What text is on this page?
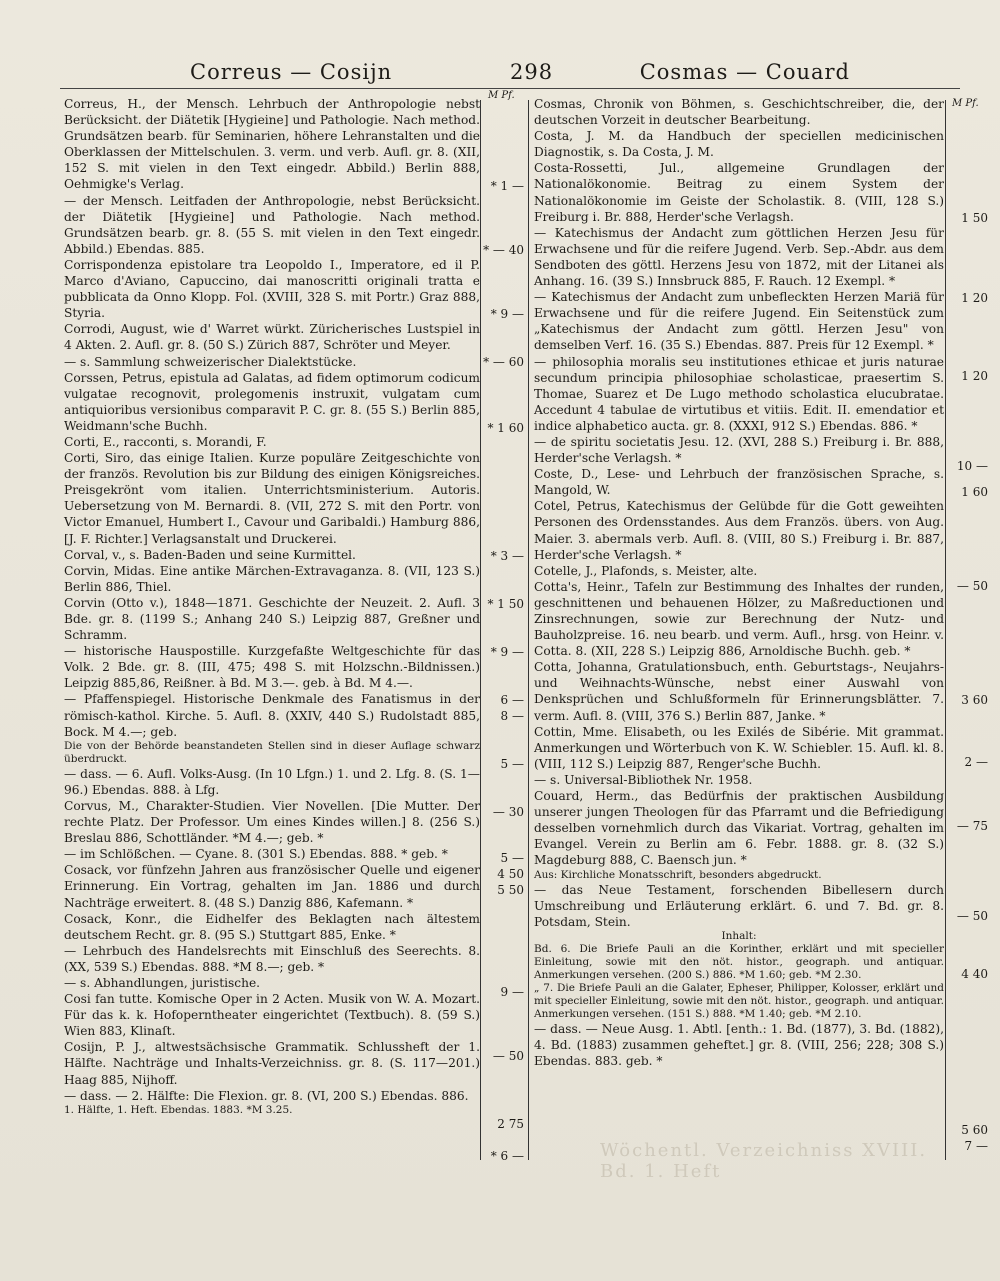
Correus — Cosijn	298	Cosmas — Couard
M Pf.
M Pf.

Correus, H., der Mensch. Lehrbuch der Anthropologie nebst Berücksicht. der Diätetik [Hygieine] und Pathologie. Nach method. Grundsätzen bearb. für Seminarien, höhere Lehranstalten und die Oberklassen der Mittelschulen. 3. verm. und verb. Aufl. gr. 8. (XII, 152 S. mit vielen in den Text eingedr. Abbild.) Berlin 888, Oehmigke's Verlag.

— der Mensch. Leitfaden der Anthropologie, nebst Berücksicht. der Diätetik [Hygieine] und Pathologie. Nach method. Grundsätzen bearb. gr. 8. (55 S. mit vielen in den Text eingedr. Abbild.) Ebendas. 885.

Corrispondenza epistolare tra Leopoldo I., Imperatore, ed il P. Marco d'Aviano, Capuccino, dai manoscritti originali tratta e pubblicata da Onno Klopp. Fol. (XVIII, 328 S. mit Portr.) Graz 888, Styria.

Corrodi, August, wie d' Warret würkt. Züricherisches Lustspiel in 4 Akten. 2. Aufl. gr. 8. (50 S.) Zürich 887, Schröter und Meyer.

— s. Sammlung schweizerischer Dialektstücke.

Corssen, Petrus, epistula ad Galatas, ad fidem optimorum codicum vulgatae recognovit, prolegomenis instruxit, vulgatam cum antiquioribus versionibus comparavit P. C. gr. 8. (55 S.) Berlin 885, Weidmann'sche Buchh.

Corti, E., racconti, s. Morandi, F.

Corti, Siro, das einige Italien. Kurze populäre Zeitgeschichte von der französ. Revolution bis zur Bildung des einigen Königsreiches. Preisgekrönt vom italien. Unterrichtsministerium. Autoris. Uebersetzung von M. Bernardi. 8. (VII, 272 S. mit den Portr. von Victor Emanuel, Humbert I., Cavour und Garibaldi.) Hamburg 886, [J. F. Richter.] Verlagsanstalt und Druckerei.

Corval, v., s. Baden-Baden und seine Kurmittel.

Corvin, Midas. Eine antike Märchen-Extravaganza. 8. (VII, 123 S.) Berlin 886, Thiel.

Corvin (Otto v.), 1848—1871. Geschichte der Neuzeit. 2. Aufl. 3 Bde. gr. 8. (1199 S.; Anhang 240 S.) Leipzig 887, Greßner und Schramm.

— historische Hauspostille. Kurzgefaßte Weltgeschichte für das Volk. 2 Bde. gr. 8. (III, 475; 498 S. mit Holzschn.-Bildnissen.) Leipzig 885,86, Reißner. à Bd. M 3.—. geb. à Bd. M 4.—.

— Pfaffenspiegel. Historische Denkmale des Fanatismus in der römisch-kathol. Kirche. 5. Aufl. 8. (XXIV, 440 S.) Rudolstadt 885, Bock. M 4.—; geb.

Die von der Behörde beanstandeten Stellen sind in dieser Auflage schwarz überdruckt.

— dass. — 6. Aufl. Volks-Ausg. (In 10 Lfgn.) 1. und 2. Lfg. 8. (S. 1—96.) Ebendas. 888. à Lfg.

Corvus, M., Charakter-Studien. Vier Novellen. [Die Mutter. Der rechte Platz. Der Professor. Um eines Kindes willen.] 8. (256 S.) Breslau 886, Schottländer. *M 4.—; geb. *

— im Schlößchen. — Cyane. 8. (301 S.) Ebendas. 888. * geb. *

Cosack, vor fünfzehn Jahren aus französischer Quelle und eigener Erinnerung. Ein Vortrag, gehalten im Jan. 1886 und durch Nachträge erweitert. 8. (48 S.) Danzig 886, Kafemann. *

Cosack, Konr., die Eidhelfer des Beklagten nach ältestem deutschem Recht. gr. 8. (95 S.) Stuttgart 885, Enke. *

— Lehrbuch des Handelsrechts mit Einschluß des Seerechts. 8. (XX, 539 S.) Ebendas. 888. *M 8.—; geb. *

— s. Abhandlungen, juristische.

Cosi fan tutte. Komische Oper in 2 Acten. Musik von W. A. Mozart. Für das k. k. Hofoperntheater eingerichtet (Textbuch). 8. (59 S.) Wien 883, Klinaſt.

Cosijn, P. J., altwestsächsische Grammatik. Schlussheft der 1. Hälfte. Nachträge und Inhalts-Verzeichniss. gr. 8. (S. 117—201.) Haag 885, Nijhoff.

— dass. — 2. Hälfte: Die Flexion. gr. 8. (VI, 200 S.) Ebendas. 886.

1. Hälfte, 1. Heft. Ebendas. 1883. *M 3.25.

* 1 —
* — 40
* 9 —
* — 60
* 1 60
* 3 —
* 1 50
* 9 —
6 —
8 —
5 —
— 30
5 —
4 50
5 50
9 —
— 50
2 75
* 6 —

Cosmas, Chronik von Böhmen, s. Geschichtschreiber, die, der deutschen Vorzeit in deutscher Bearbeitung.

Costa, J. M. da Handbuch der speciellen medicinischen Diagnostik, s. Da Costa, J. M.

Costa-Rossetti, Jul., allgemeine Grundlagen der Nationalökonomie. Beitrag zu einem System der Nationalökonomie im Geiste der Scholastik. 8. (VIII, 128 S.) Freiburg i. Br. 888, Herder'sche Verlagsh.

— Katechismus der Andacht zum göttlichen Herzen Jesu für Erwachsene und für die reifere Jugend. Verb. Sep.-Abdr. aus dem Sendboten des göttl. Herzens Jesu von 1872, mit der Litanei als Anhang. 16. (39 S.) Innsbruck 885, F. Rauch. 12 Exempl. *

— Katechismus der Andacht zum unbefleckten Herzen Mariä für Erwachsene und für die reifere Jugend. Ein Seitenstück zum „Katechismus der Andacht zum göttl. Herzen Jesu" von demselben Verf. 16. (35 S.) Ebendas. 887. Preis für 12 Exempl. *

— philosophia moralis seu institutiones ethicae et juris naturae secundum principia philosophiae scholasticae, praesertim S. Thomae, Suarez et De Lugo methodo scholastica elucubratae. Accedunt 4 tabulae de virtutibus et vitiis. Edit. II. emendatior et indice alphabetico aucta. gr. 8. (XXXI, 912 S.) Ebendas. 886. *

— de spiritu societatis Jesu. 12. (XVI, 288 S.) Freiburg i. Br. 888, Herder'sche Verlagsh. *

Coste, D., Lese- und Lehrbuch der französischen Sprache, s. Mangold, W.

Cotel, Petrus, Katechismus der Gelübde für die Gott geweihten Personen des Ordensstandes. Aus dem Französ. übers. von Aug. Maier. 3. abermals verb. Aufl. 8. (VIII, 80 S.) Freiburg i. Br. 887, Herder'sche Verlagsh. *

Cotelle, J., Plafonds, s. Meister, alte.

Cotta's, Heinr., Tafeln zur Bestimmung des Inhaltes der runden, geschnittenen und behauenen Hölzer, zu Maßreductionen und Zinsrechnungen, sowie zur Berechnung der Nutz- und Bauholzpreise. 16. neu bearb. und verm. Aufl., hrsg. von Heinr. v. Cotta. 8. (XII, 228 S.) Leipzig 886, Arnoldische Buchh. geb. *

Cotta, Johanna, Gratulationsbuch, enth. Geburtstags-, Neujahrs- und Weihnachts-Wünsche, nebst einer Auswahl von Denksprüchen und Schlußformeln für Erinnerungsblätter. 7. verm. Aufl. 8. (VIII, 376 S.) Berlin 887, Janke. *

Cottin, Mme. Elisabeth, ou les Exilés de Sibérie. Mit grammat. Anmerkungen und Wörterbuch von K. W. Schiebler. 15. Aufl. kl. 8. (VIII, 112 S.) Leipzig 887, Renger'sche Buchh.

— s. Universal-Bibliothek Nr. 1958.

Couard, Herm., das Bedürfnis der praktischen Ausbildung unserer jungen Theologen für das Pfarramt und die Befriedigung desselben vornehmlich durch das Vikariat. Vortrag, gehalten im Evangel. Verein zu Berlin am 6. Febr. 1888. gr. 8. (32 S.) Magdeburg 888, C. Baensch jun. *

Aus: Kirchliche Monatsschrift, besonders abgedruckt.

— das Neue Testament, forschenden Bibellesern durch Umschreibung und Erläuterung erklärt. 6. und 7. Bd. gr. 8. Potsdam, Stein.

Inhalt:

Bd. 6. Die Briefe Pauli an die Korinther, erklärt und mit specieller Einleitung, sowie mit den nöt. histor., geograph. und antiquar. Anmerkungen versehen. (200 S.) 886. *M 1.60; geb. *M 2.30.

„ 7. Die Briefe Pauli an die Galater, Epheser, Philipper, Kolosser, erklärt und mit specieller Einleitung, sowie mit den nöt. histor., geograph. und antiquar. Anmerkungen versehen. (151 S.) 888. *M 1.40; geb. *M 2.10.

— dass. — Neue Ausg. 1. Abtl. [enth.: 1. Bd. (1877), 3. Bd. (1882), 4. Bd. (1883) zusammen geheftet.] gr. 8. (VIII, 256; 228; 308 S.) Ebendas. 883. geb. *

1 50
1 20
1 20
10 —
1 60
— 50
3 60
2 —
— 75
— 50
4 40
5 60
7 —
Wöchentl. Verzeichniss XVIII. Bd. 1. Heft
